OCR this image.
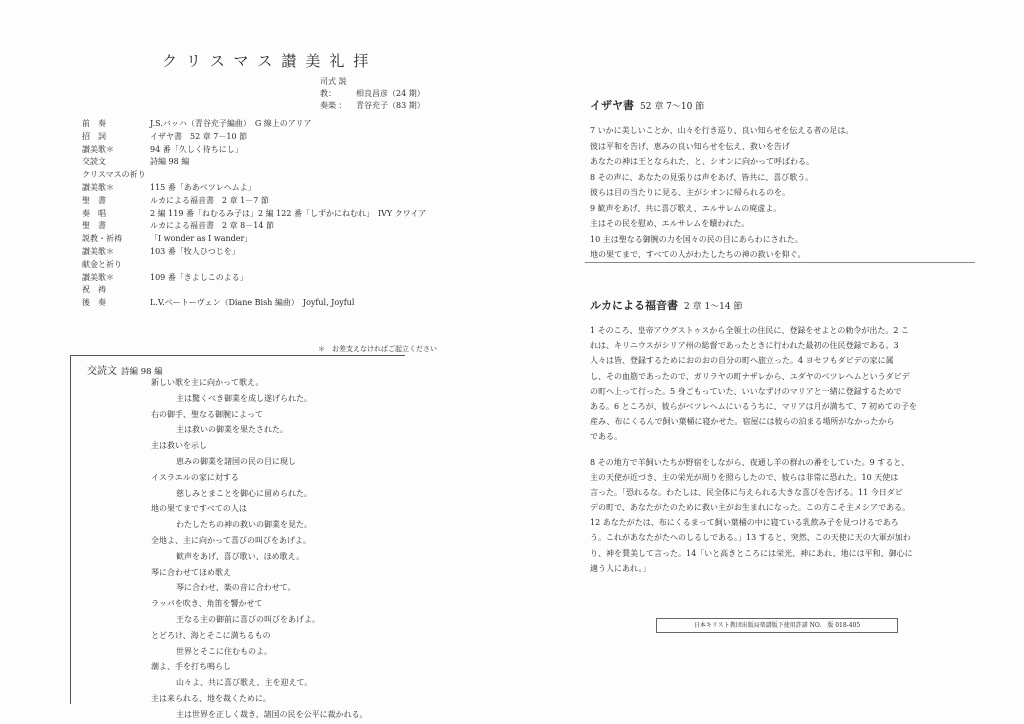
クリスマス讃美礼拝
司式 説教：	相良昌彦（24 期）
奏楽 ： 青谷充子（83 期）
前　奏	J.S.バッハ（青谷充子編曲）　G 線上のアリア
招　詞	イザヤ書　52 章 7－10 節
讃美歌＊	94 番「久しく待ちにし」
交読文	詩編 98 編
クリスマスの祈り
讃美歌＊	115 番「ああベツレヘムよ」
聖　書	ルカによる福音書　2 章 1－7 節
奏　唱	2 編 119 番「ねむるみ子は」2 編 122 番「しずかにねむれ」　IVY クワイア
聖　書	ルカによる福音書　2 章 8－14 節
説教・祈祷	「I wonder as I wander」
讃美歌＊	103 番「牧人ひつじを」
献金と祈り
讃美歌＊	109 番「きよしこのよる」
祝　祷
後　奏	L.V.ベートーヴェン（Diane Bish 編曲）　Joyful, Joyful
＊　お差支えなければご起立ください
交読文 詩編 98 編
新しい歌を主に向かって歌え。
主は驚くべき御業を成し遂げられた。
右の御手、聖なる御腕によって
主は救いの御業を果たされた。
主は救いを示し
恵みの御業を諸国の民の目に現し
イスラエルの家に対する
慈しみとまことを御心に留められた。
地の果てまですべての人は
わたしたちの神の救いの御業を見た。
全地よ、主に向かって喜びの叫びをあげよ。
歓声をあげ、喜び歌い、ほめ歌え。
琴に合わせてほめ歌え
琴に合わせ、楽の音に合わせて。
ラッパを吹き、角笛を響かせて
王なる主の御前に喜びの叫びをあげよ。
とどろけ、海とそこに満ちるもの
世界とそこに住むものよ。
潮よ、手を打ち鳴らし
山々よ、共に喜び歌え、主を迎えて。
主は来られる、地を裁くために。
主は世界を正しく裁き、諸国の民を公平に裁かれる。
イザヤ書 52 章 7～10 節
7 いかに美しいことか、山々を行き巡り、良い知らせを伝える者の足は。
彼は平和を告げ、恵みの良い知らせを伝え、救いを告げ
あなたの神は王となられた、と、シオンに向かって呼ばわる。
8 その声に、あなたの見張りは声をあげ、皆共に、喜び歌う。
彼らは目の当たりに見る、主がシオンに帰られるのを。
9 歓声をあげ、共に喜び歌え、エルサレムの廃虚よ。
主はその民を慰め、エルサレムを贖われた。
10 主は聖なる御腕の力を国々の民の目にあらわにされた。
地の果てまで、すべての人がわたしたちの神の救いを仰ぐ。
ルカによる福音書 2 章 1～14 節
1 そのころ、皇帝アウグストゥスから全領土の住民に、登録をせよとの勅令が出た。2 こ
れは、キリニウスがシリア州の総督であったときに行われた最初の住民登録である。3
人々は皆、登録するためにおのおの自分の町へ旅立った。4 ヨセフもダビデの家に属
し、その血筋であったので、ガリラヤの町ナザレから、ユダヤのベツレヘムというダビデ
の町へ上って行った。5 身ごもっていた、いいなずけのマリアと一緒に登録するためで
ある。6 ところが、彼らがベツレヘムにいるうちに、マリアは月が満ちて、7 初めての子を
産み、布にくるんで飼い葉桶に寝かせた。宿屋には彼らの泊まる場所がなかったから
である。
8 その地方で羊飼いたちが野宿をしながら、夜通し羊の群れの番をしていた。9 すると、
主の天使が近づき、主の栄光が周りを照らしたので、彼らは非常に恐れた。10 天使は
言った。「恐れるな。わたしは、民全体に与えられる大きな喜びを告げる。11 今日ダビ
デの町で、あなたがたのために救い主がお生まれになった。この方こそ主メシアである。
12 あなたがたは、布にくるまって飼い葉桶の中に寝ている乳飲み子を見つけるであろ
う。これがあなたがたへのしるしである。」13 すると、突然、この天使に天の大軍が加わ
り、神を賛美して言った。14「いと高きところには栄光、神にあれ、地には平和、御心に
適う人にあれ。」
日本キリスト教団出版局楽譜版下使用許諾 NO.　版 018-405
